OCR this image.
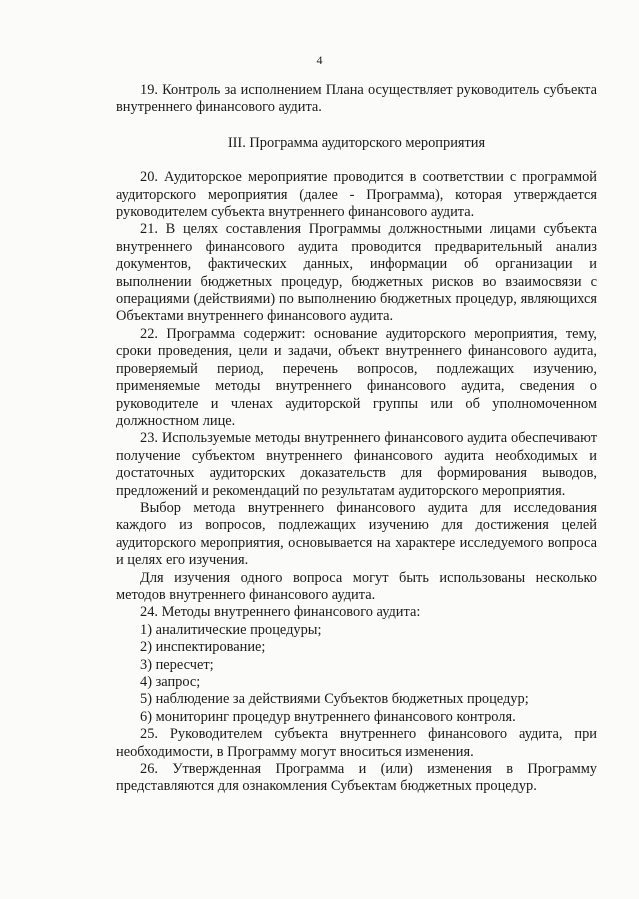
4

19. Контроль за исполнением Плана осуществляет руководитель субъекта внутреннего финансового аудита.

III. Программа аудиторского мероприятия

20. Аудиторское мероприятие проводится в соответствии с программой аудиторского мероприятия (далее - Программа), которая утверждается руководителем субъекта внутреннего финансового аудита.

21. В целях составления Программы должностными лицами субъекта внутреннего финансового аудита проводится предварительный анализ документов, фактических данных, информации об организации и выполнении бюджетных процедур, бюджетных рисков во взаимосвязи с операциями (действиями) по выполнению бюджетных процедур, являющихся Объектами внутреннего финансового аудита.

22. Программа содержит: основание аудиторского мероприятия, тему, сроки проведения, цели и задачи, объект внутреннего финансового аудита, проверяемый период, перечень вопросов, подлежащих изучению, применяемые методы внутреннего финансового аудита, сведения о руководителе и членах аудиторской группы или об уполномоченном должностном лице.

23. Используемые методы внутреннего финансового аудита обеспечивают получение субъектом внутреннего финансового аудита необходимых и достаточных аудиторских доказательств для формирования выводов, предложений и рекомендаций по результатам аудиторского мероприятия.

Выбор метода внутреннего финансового аудита для исследования каждого из вопросов, подлежащих изучению для достижения целей аудиторского мероприятия, основывается на характере исследуемого вопроса и целях его изучения.

Для изучения одного вопроса могут быть использованы несколько методов внутреннего финансового аудита.

24. Методы внутреннего финансового аудита:

1) аналитические процедуры;

2) инспектирование;

3) пересчет;

4) запрос;

5) наблюдение за действиями Субъектов бюджетных процедур;

6) мониторинг процедур внутреннего финансового контроля.

25. Руководителем субъекта внутреннего финансового аудита, при необходимости, в Программу могут вноситься изменения.

26. Утвержденная Программа и (или) изменения в Программу представляются для ознакомления Субъектам бюджетных процедур.
